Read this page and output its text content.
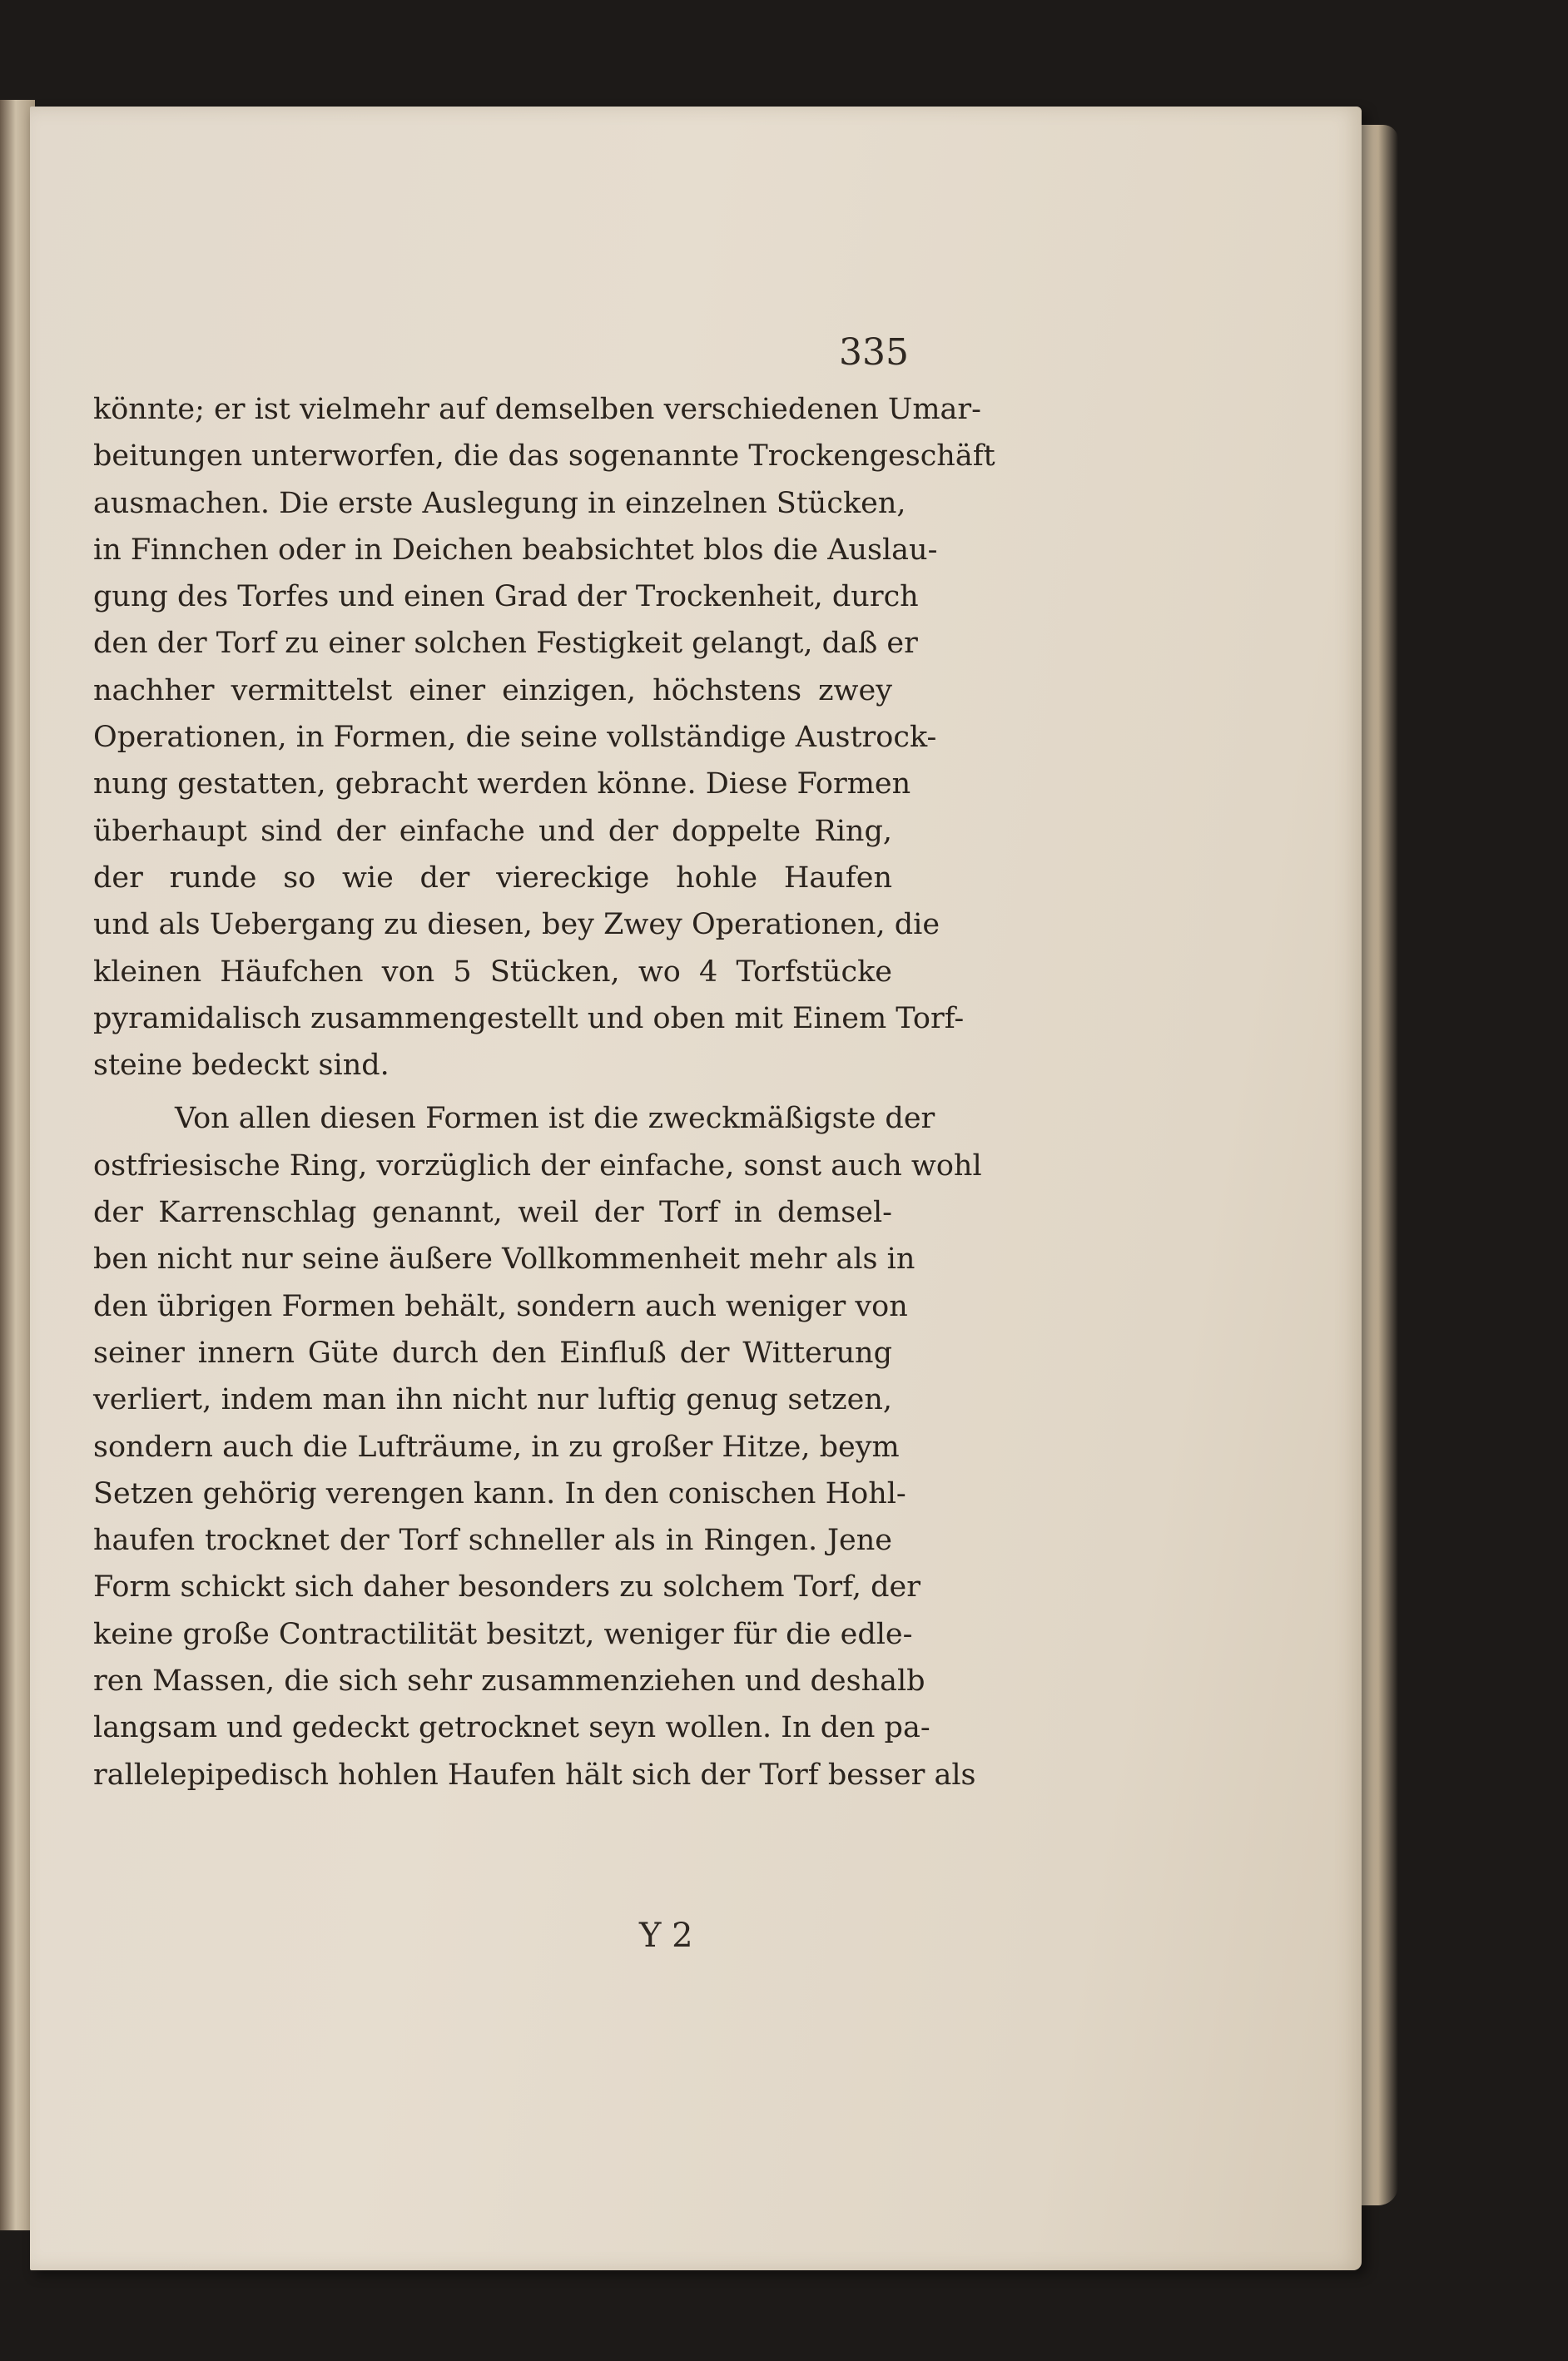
335
könnte; er ist vielmehr auf demselben verschiedenen Umar-
beitungen unterworfen, die das sogenannte Trockengeschäft
ausmachen. Die erste Auslegung in einzelnen Stücken,
in Finnchen oder in Deichen beabsichtet blos die Auslau-
gung des Torfes und einen Grad der Trockenheit, durch
den der Torf zu einer solchen Festigkeit gelangt, daß er
nachher vermittelst einer einzigen, höchstens zwey
Operationen, in Formen, die seine vollständige Austrock-
nung gestatten, gebracht werden könne. Diese Formen
überhaupt sind der einfache und der doppelte Ring,
der runde so wie der viereckige hohle Haufen
und als Uebergang zu diesen, bey Zwey Operationen, die
kleinen Häufchen von 5 Stücken, wo 4 Torfstücke
pyramidalisch zusammengestellt und oben mit Einem Torf-
steine bedeckt sind.
Von allen diesen Formen ist die zweckmäßigste der
ostfriesische Ring, vorzüglich der einfache, sonst auch wohl
der Karrenschlag genannt, weil der Torf in demsel-
ben nicht nur seine äußere Vollkommenheit mehr als in
den übrigen Formen behält, sondern auch weniger von
seiner innern Güte durch den Einfluß der Witterung
verliert, indem man ihn nicht nur luftig genug setzen,
sondern auch die Lufträume, in zu großer Hitze, beym
Setzen gehörig verengen kann. In den conischen Hohl-
haufen trocknet der Torf schneller als in Ringen. Jene
Form schickt sich daher besonders zu solchem Torf, der
keine große Contractilität besitzt, weniger für die edle-
ren Massen, die sich sehr zusammenziehen und deshalb
langsam und gedeckt getrocknet seyn wollen. In den pa-
rallelepipedisch hohlen Haufen hält sich der Torf besser als
Y 2
